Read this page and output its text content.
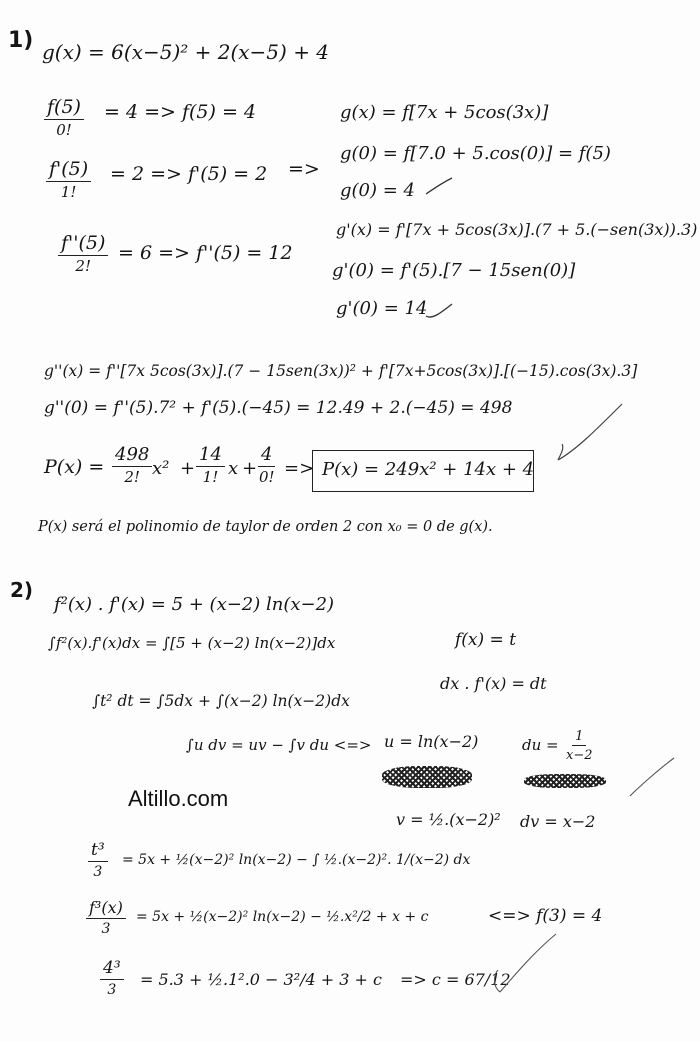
1) g(x) = 6(x−5)² + 2(x−5) + 4
f(5)
0!
= 4 => f(5) = 4
f'(5)
1!
= 2 => f'(5) = 2 =>
f''(5)
2!
= 6 => f''(5) = 12
g(x) = f[7x + 5cos(3x)]
g(0) = f[7.0 + 5.cos(0)] = f(5)
g(0) = 4
g'(x) = f'[7x + 5cos(3x)].(7 + 5.(−sen(3x)).3)
g'(0) = f'(5).[7 − 15sen(0)]
g'(0) = 14
g''(x) = f''[7x 5cos(3x)].(7 − 15sen(3x))² + f'[7x+5cos(3x)].[(−15).cos(3x).3]
g''(0) = f''(5).7² + f'(5).(−45) = 12.49 + 2.(−45) = 498
P(x) =
498
2! x² +
14
1! x +
4
0! => P(x) = 249x² + 14x + 4
P(x) será el polinomio de taylor de orden 2 con x₀ = 0 de g(x).
2)
f²(x) . f'(x) = 5 + (x−2) ln(x−2)
∫f²(x).f'(x)dx = ∫[5 + (x−2) ln(x−2)]dx	f(x) = t
dx . f'(x) = dt
∫t² dt = ∫5dx + ∫(x−2) ln(x−2)dx
∫u dv = uv − ∫v du <=> u = ln(x−2)	du = $\frac{1}{x-2}$
Altillo.com
v = ½.(x−2)² dv = x−2
t³
3
= 5x + ½(x−2)² ln(x−2) − ∫ ½.(x−2)². 1/(x−2) dx
$\frac{\text{f³(x)}}{3} = 5x$ + ½(x−2)² ln(x−2) − ½.x²/2 + x + c	<=> f(3) = 4
4³
3
= 5.3 + ½.1².0 − 3²/4 + 3 + c => c = 67/12
